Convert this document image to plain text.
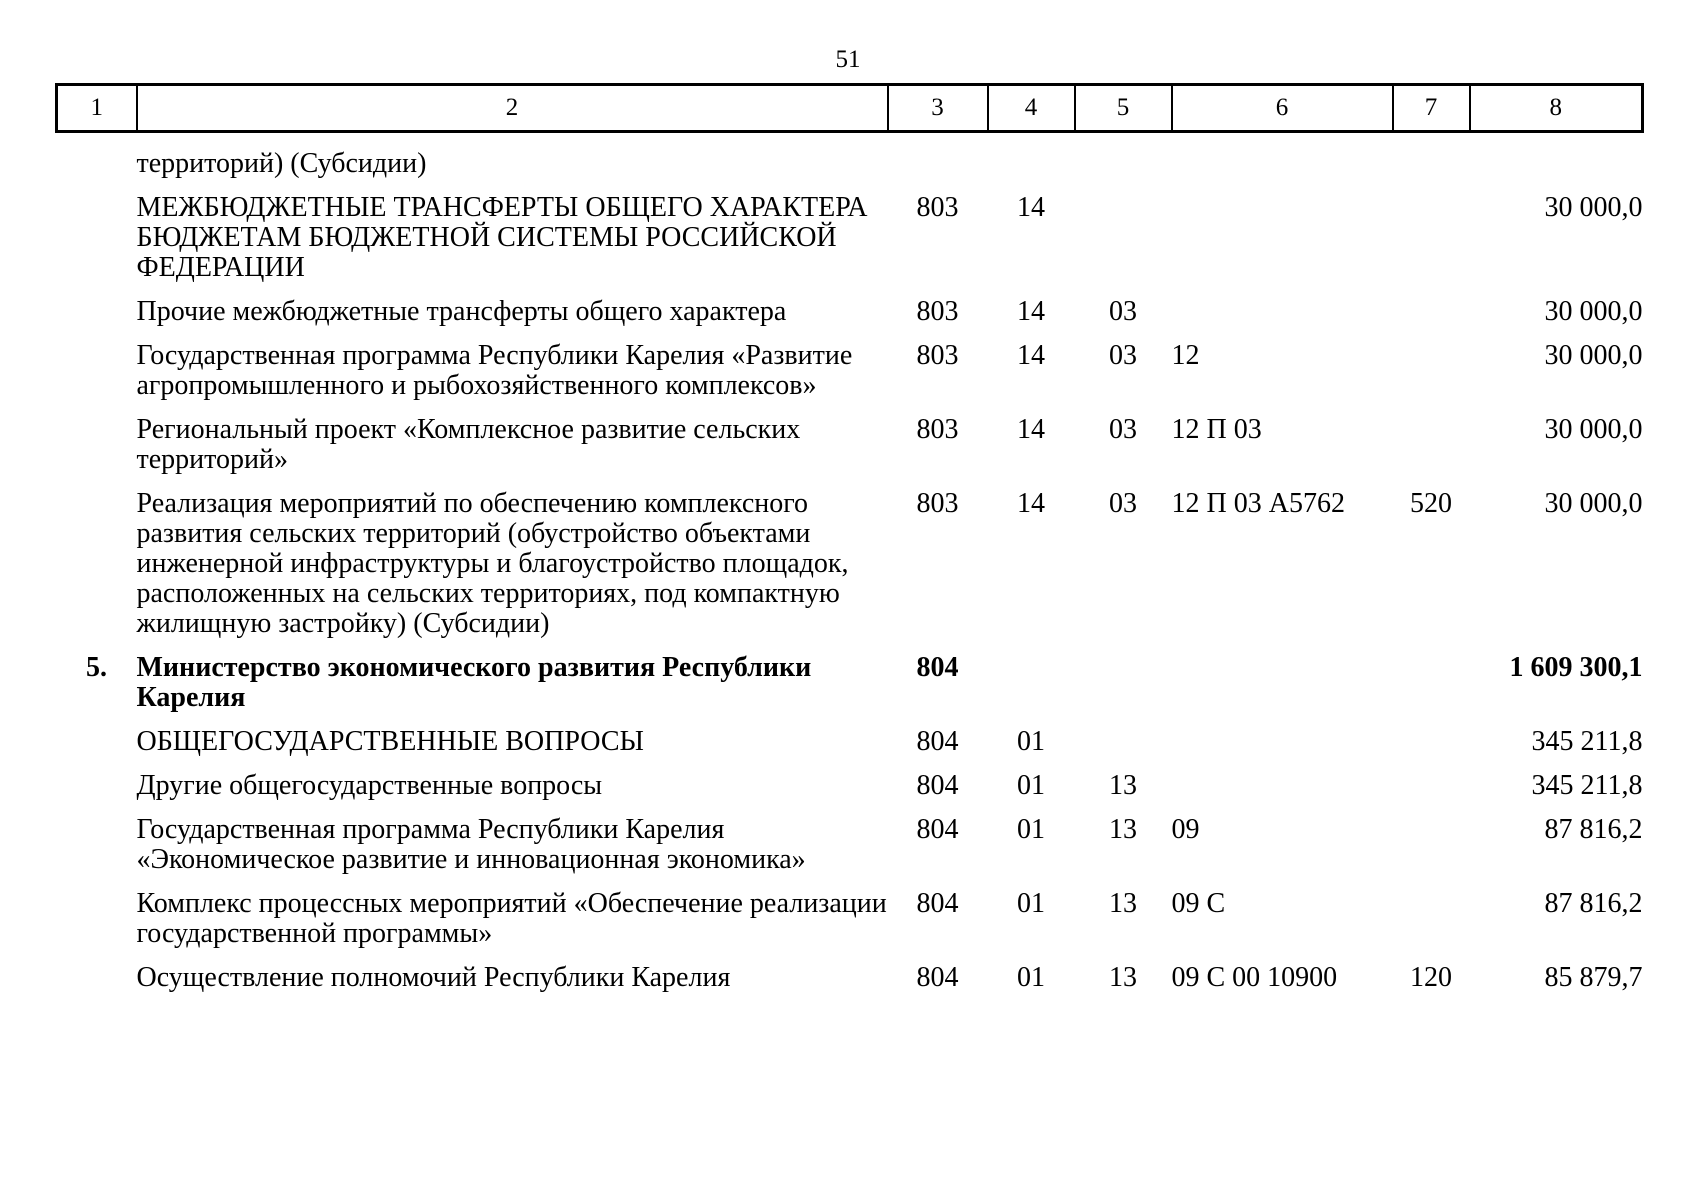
51
1	2	3	4	5	6	7	8
	территорий) (Субсидии)						
	МЕЖБЮДЖЕТНЫЕ ТРАНСФЕРТЫ ОБЩЕГО ХАРАКТЕРА БЮДЖЕТАМ БЮДЖЕТНОЙ СИСТЕМЫ РОССИЙСКОЙ ФЕДЕРАЦИИ	803	14				30 000,0
	Прочие межбюджетные трансферты общего характера	803	14	03			30 000,0
	Государственная программа Республики Карелия «Развитие агропромышленного и рыбохозяйственного комплексов»	803	14	03	12		30 000,0
	Региональный проект «Комплексное развитие сельских территорий»	803	14	03	12 П 03		30 000,0
	Реализация мероприятий по обеспечению комплексного развития сельских территорий (обустройство объектами инженерной инфраструктуры и благоустройство площадок, расположенных на сельских территориях, под компактную жилищную застройку) (Субсидии)	803	14	03	12 П 03 А5762	520	30 000,0
5.	Министерство экономического развития Республики Карелия	804					1 609 300,1
	ОБЩЕГОСУДАРСТВЕННЫЕ ВОПРОСЫ	804	01				345 211,8
	Другие общегосударственные вопросы	804	01	13			345 211,8
	Государственная программа Республики Карелия «Экономическое развитие и инновационная экономика»	804	01	13	09		87 816,2
	Комплекс процессных мероприятий «Обеспечение реализации государственной программы»	804	01	13	09 С		87 816,2
	Осуществление полномочий Республики Карелия	804	01	13	09 С 00 10900	120	85 879,7
